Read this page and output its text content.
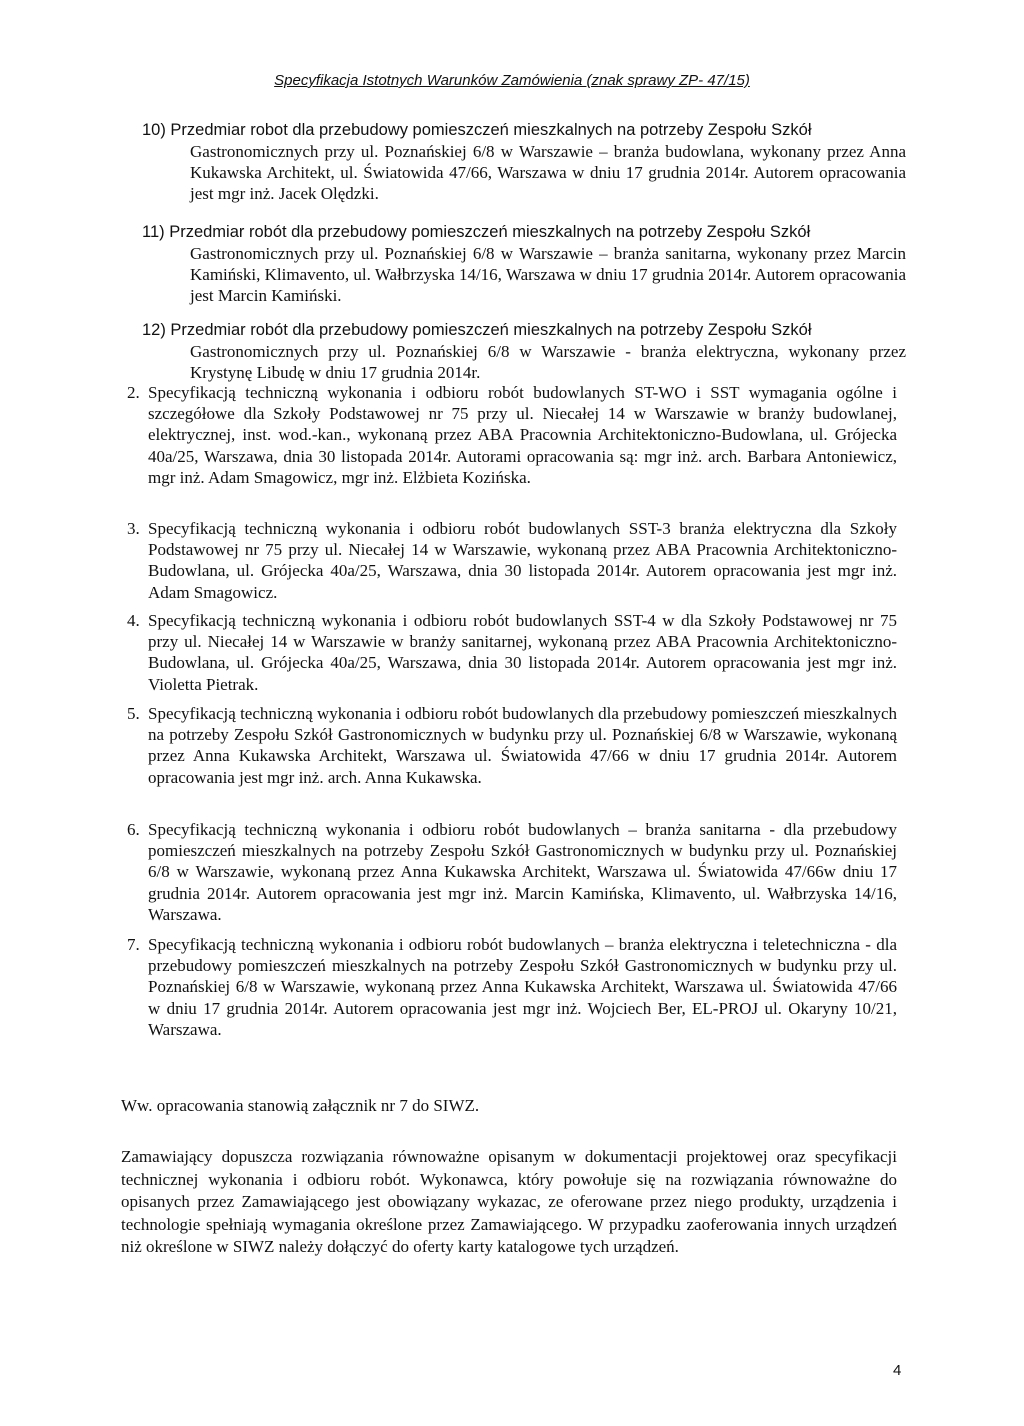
Specyfikacja Istotnych Warunków Zamówienia (znak sprawy ZP- 47/15)

10) Przedmiar robot dla przebudowy pomieszczeń mieszkalnych na potrzeby Zespołu Szkół
Gastronomicznych przy ul. Poznańskiej 6/8 w Warszawie – branża budowlana, wykonany przez Anna Kukawska Architekt, ul. Światowida 47/66, Warszawa w dniu 17 grudnia 2014r. Autorem opracowania jest mgr inż. Jacek Olędzki.

11) Przedmiar robót dla przebudowy pomieszczeń mieszkalnych na potrzeby Zespołu Szkół
Gastronomicznych przy ul. Poznańskiej 6/8 w Warszawie – branża sanitarna, wykonany przez Marcin Kamiński, Klimavento, ul. Wałbrzyska 14/16, Warszawa w dniu 17 grudnia 2014r. Autorem opracowania jest Marcin Kamiński.

12) Przedmiar robót dla przebudowy pomieszczeń mieszkalnych na potrzeby Zespołu Szkół
Gastronomicznych przy ul. Poznańskiej 6/8 w Warszawie - branża elektryczna, wykonany przez Krystynę Libudę w dniu 17 grudnia 2014r.

2. Specyfikacją techniczną wykonania i odbioru robót budowlanych ST-WO i SST wymagania ogólne i szczegółowe dla Szkoły Podstawowej nr 75 przy ul. Niecałej 14 w Warszawie w branży budowlanej, elektrycznej, inst. wod.-kan., wykonaną przez ABA Pracownia Architektoniczno-Budowlana, ul. Grójecka 40a/25, Warszawa, dnia 30 listopada 2014r. Autorami opracowania są: mgr inż. arch. Barbara Antoniewicz, mgr inż. Adam Smagowicz, mgr inż. Elżbieta Kozińska.

3. Specyfikacją techniczną wykonania i odbioru robót budowlanych SST-3 branża elektryczna dla Szkoły Podstawowej nr 75 przy ul. Niecałej 14 w Warszawie, wykonaną przez ABA Pracownia Architektoniczno-Budowlana, ul. Grójecka 40a/25, Warszawa, dnia 30 listopada 2014r. Autorem opracowania jest mgr inż. Adam Smagowicz.

4. Specyfikacją techniczną wykonania i odbioru robót budowlanych SST-4 w dla Szkoły Podstawowej nr 75 przy ul. Niecałej 14 w Warszawie w branży sanitarnej, wykonaną przez ABA Pracownia Architektoniczno-Budowlana, ul. Grójecka 40a/25, Warszawa, dnia 30 listopada 2014r. Autorem opracowania jest mgr inż. Violetta Pietrak.

5. Specyfikacją techniczną wykonania i odbioru robót budowlanych dla przebudowy pomieszczeń mieszkalnych na potrzeby Zespołu Szkół Gastronomicznych w budynku przy ul. Poznańskiej 6/8 w Warszawie, wykonaną przez Anna Kukawska Architekt, Warszawa ul. Światowida 47/66 w dniu 17 grudnia 2014r. Autorem opracowania jest mgr inż. arch. Anna Kukawska.

6. Specyfikacją techniczną wykonania i odbioru robót budowlanych – branża sanitarna - dla przebudowy pomieszczeń mieszkalnych na potrzeby Zespołu Szkół Gastronomicznych w budynku przy ul. Poznańskiej 6/8 w Warszawie, wykonaną przez Anna Kukawska Architekt, Warszawa ul. Światowida 47/66w dniu 17 grudnia 2014r. Autorem opracowania jest mgr inż. Marcin Kamińska, Klimavento, ul. Wałbrzyska 14/16, Warszawa.

7. Specyfikacją techniczną wykonania i odbioru robót budowlanych – branża elektryczna i teletechniczna - dla przebudowy pomieszczeń mieszkalnych na potrzeby Zespołu Szkół Gastronomicznych w budynku przy ul. Poznańskiej 6/8 w Warszawie, wykonaną przez Anna Kukawska Architekt, Warszawa ul. Światowida 47/66 w dniu 17 grudnia 2014r. Autorem opracowania jest mgr inż. Wojciech Ber, EL-PROJ ul. Okaryny 10/21, Warszawa.

Ww. opracowania stanowią załącznik nr 7 do SIWZ.

Zamawiający dopuszcza rozwiązania równoważne opisanym w dokumentacji projektowej oraz specyfikacji technicznej wykonania i odbioru robót. Wykonawca, który powołuje się na rozwiązania równoważne do opisanych przez Zamawiającego jest obowiązany wykazac, ze oferowane przez niego produkty, urządzenia i technologie spełniają wymagania określone przez Zamawiającego. W przypadku zaoferowania innych urządzeń niż określone w SIWZ należy dołączyć do oferty karty katalogowe tych urządzeń.

4
